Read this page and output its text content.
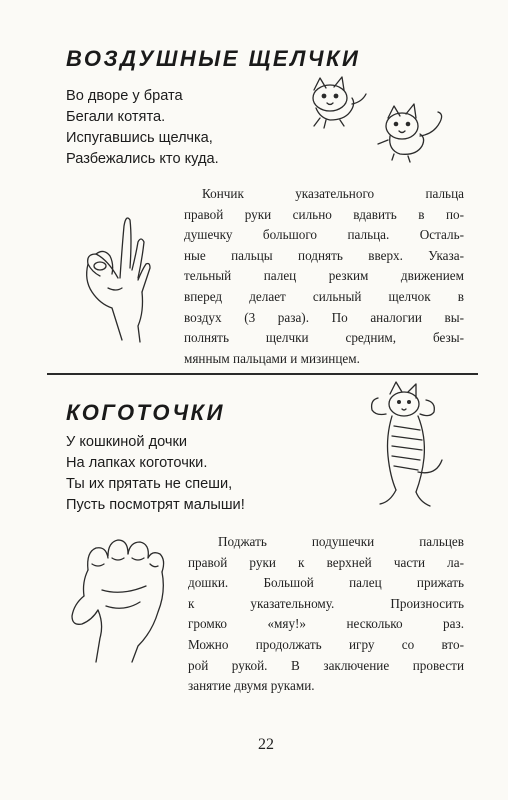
ВОЗДУШНЫЕ ЩЕЛЧКИ
Во дворе у брата
Бегали котята.
Испугавшись щелчка,
Разбежались кто куда.
Кончик указательного пальца
правой руки сильно вдавить в по-
душечку большого пальца. Осталь-
ные пальцы поднять вверх. Указа-
тельный палец резким движением
вперед делает сильный щелчок в
воздух (3 раза). По аналогии вы-
полнять щелчки средним, безы-
мянным пальцами и мизинцем.
КОГОТОЧКИ
У кошкиной дочки
На лапках коготочки.
Ты их прятать не спеши,
Пусть посмотрят малыши!
Поджать подушечки пальцев
правой руки к верхней части ла-
дошки. Большой палец прижать
к указательному. Произносить
громко «мяу!» несколько раз.
Можно продолжать игру со вто-
рой рукой. В заключение провести
занятие двумя руками.
22
